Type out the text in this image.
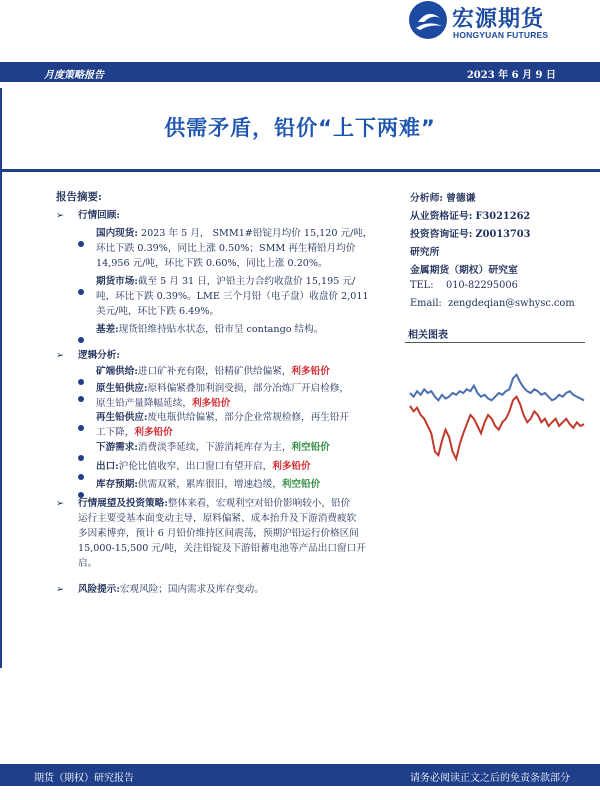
宏源期货
HONGYUAN FUTURES
月度策略报告	2023 年 6 月 9 日
供需矛盾，铅价“上下两难”
报告摘要:
➢ 行情回顾:
国内现货: 2023 年 5 月， SMM1#铅锭月均价 15,120 元/吨，
环比下跌 0.39%，同比上涨 0.50%；SMM 再生精铅月均价
14,956 元/吨，环比下跌 0.60%，同比上涨 0.20%。
期货市场:截至 5 月 31 日，沪铅主力合约收盘价 15,195 元/
吨，环比下跌 0.39%。LME 三个月铅（电子盘）收盘价 2,011
美元/吨，环比下跌 6.49%。
基差:现货铅维持贴水状态，铅市呈 contango 结构。
➢ 逻辑分析:
矿端供给:进口矿补充有限，铅精矿供给偏紧，利多铅价
原生铅供应:原料偏紧叠加利润受损，部分冶炼厂开启检修，
原生铅产量降幅延续，利多铅价
再生铅供应:废电瓶供给偏紧，部分企业常规检修，再生铅开
工下降，利多铅价
下游需求:消费淡季延续，下游消耗库存为主，利空铅价
出口:沪伦比值收窄，出口窗口有望开启，利多铅价
库存预期:供需双紧，累库很旧，增速趋缓，利空铅价
➢ 行情展望及投资策略:整体来看，宏观利空对铅价影响较小，铅价
运行主要受基本面变动主导，原料偏紧、成本抬升及下游消费疲软
多因素博弈，预计 6 月铅价维持区间震荡，预期沪铅运行价格区间
15,000-15,500 元/吨，关注铅锭及下游铅蓄电池等产品出口窗口开
启。
➢ 风险提示:宏观风险；国内需求及库存变动。
分析师: 曾德谦
从业资格证号: F3021262
投资咨询证号: Z0013703
研究所
金属期货（期权）研究室
TEL: 010-82295006
Email: zengdeqian@swhysc.com
相关图表
期货（期权）研究报告	请务必阅读正文之后的免责条款部分
